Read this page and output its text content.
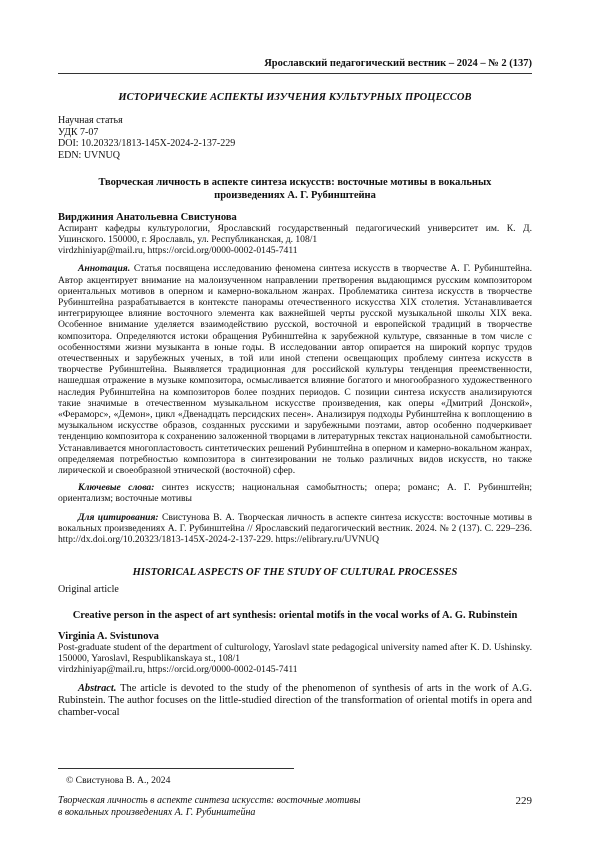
Ярославский педагогический вестник – 2024 – № 2 (137)
ИСТОРИЧЕСКИЕ АСПЕКТЫ ИЗУЧЕНИЯ КУЛЬТУРНЫХ ПРОЦЕССОВ
Научная статья
УДК 7-07
DOI: 10.20323/1813-145X-2024-2-137-229
EDN: UVNUQ
Творческая личность в аспекте синтеза искусств: восточные мотивы в вокальных произведениях А. Г. Рубинштейна
Вирджиния Анатольевна Свистунова
Аспирант кафедры культурологии, Ярославский государственный педагогический университет им. К. Д. Ушинского. 150000, г. Ярославль, ул. Республиканская, д. 108/1
virdzhiniyap@mail.ru, https://orcid.org/0000-0002-0145-7411

Аннотация. Статья посвящена исследованию феномена синтеза искусств в творчестве А. Г. Рубинштейна. Автор акцентирует внимание на малоизученном направлении претворения выдающимся русским композитором ориентальных мотивов в оперном и камерно-вокальном жанрах. Проблематика синтеза искусств в творчестве Рубинштейна разрабатывается в контексте панорамы отечественного искусства XIX столетия. Устанавливается интегрирующее влияние восточного элемента как важнейшей черты русской музыкальной школы XIX века. Особенное внимание уделяется взаимодействию русской, восточной и европейской традиций в творчестве композитора. Определяются истоки обращения Рубинштейна к зарубежной культуре, связанные в том числе с особенностями жизни музыканта в юные годы. В исследовании автор опирается на широкий корпус трудов отечественных и зарубежных ученых, в той или иной степени освещающих проблему синтеза искусств в творчестве Рубинштейна. Выявляется традиционная для российской культуры тенденция преемственности, нашедшая отражение в музыке композитора, осмысливается влияние богатого и многообразного художественного наследия Рубинштейна на композиторов более поздних периодов. С позиции синтеза искусств анализируются такие значимые в отечественном музыкальном искусстве произведения, как оперы «Дмитрий Донской», «Фераморс», «Демон», цикл «Двенадцать персидских песен». Анализируя подходы Рубинштейна к воплощению в музыкальном искусстве образов, созданных русскими и зарубежными поэтами, автор особенно подчеркивает тенденцию композитора к сохранению заложенной творцами в литературных текстах национальной самобытности. Устанавливается многопластовость синтетических решений Рубинштейна в оперном и камерно-вокальном жанрах, определяемая потребностью композитора в синтезировании не только различных видов искусств, но также лирической и своеобразной этнической (восточной) сфер.

Ключевые слова: синтез искусств; национальная самобытность; опера; романс; А. Г. Рубинштейн; ориентализм; восточные мотивы

Для цитирования: Свистунова В. А. Творческая личность в аспекте синтеза искусств: восточные мотивы в вокальных произведениях А. Г. Рубинштейна // Ярославский педагогический вестник. 2024. № 2 (137). С. 229–236. http://dx.doi.org/10.20323/1813-145X-2024-2-137-229. https://elibrary.ru/UVNUQ

HISTORICAL ASPECTS OF THE STUDY OF CULTURAL PROCESSES
Original article
Creative person in the aspect of art synthesis: oriental motifs in the vocal works of A. G. Rubinstein
Virginia A. Svistunova
Post-graduate student of the department of culturology, Yaroslavl state pedagogical university named after K. D. Ushinsky. 150000, Yaroslavl, Respublikanskaya st., 108/1
virdzhiniyap@mail.ru, https://orcid.org/0000-0002-0145-7411

Abstract. The article is devoted to the study of the phenomenon of synthesis of arts in the work of A.G. Rubinstein. The author focuses on the little-studied direction of the transformation of oriental motifs in opera and chamber-vocal

© Свистунова В. А., 2024
Творческая личность в аспекте синтеза искусств: восточные мотивы
в вокальных произведениях А. Г. Рубинштейна
229
